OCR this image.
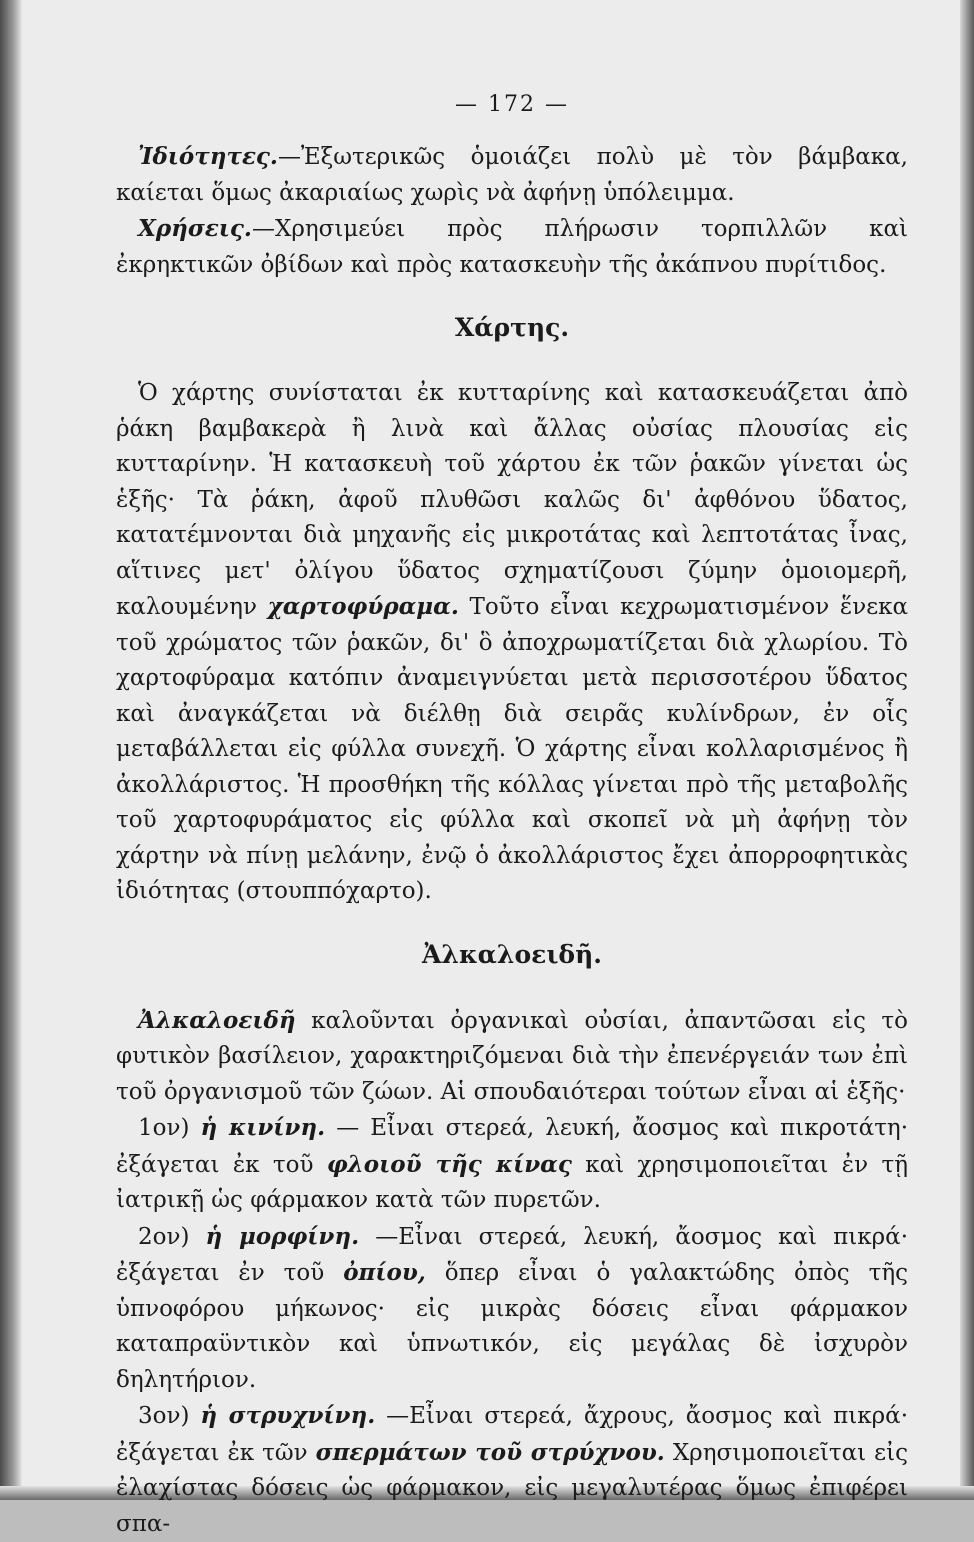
— 172 —

Ἰδιότητες.—Ἐξωτερικῶς ὁμοιάζει πολὺ μὲ τὸν βάμβακα, καίεται ὅμως ἀκαριαίως χωρὶς νὰ ἀφήνῃ ὑπόλειμμα.

Χρήσεις.—Χρησιμεύει πρὸς πλήρωσιν τορπιλλῶν καὶ ἐκρηκτικῶν ὀβίδων καὶ πρὸς κατασκευὴν τῆς ἀκάπνου πυρίτιδος.

Χάρτης.

Ὁ χάρτης συνίσταται ἐκ κυτταρίνης καὶ κατασκευάζεται ἀπὸ ῥάκη βαμβακερὰ ἢ λινὰ καὶ ἄλλας οὐσίας πλουσίας εἰς κυτταρίνην. Ἡ κατασκευὴ τοῦ χάρτου ἐκ τῶν ῥακῶν γίνεται ὡς ἑξῆς· Τὰ ῥάκη, ἀφοῦ πλυθῶσι καλῶς δι' ἀφθόνου ὕδατος, κατατέμνονται διὰ μηχανῆς εἰς μικροτάτας καὶ λεπτοτάτας ἶνας, αἵτινες μετ' ὀλίγου ὕδατος σχηματίζουσι ζύμην ὁμοιομερῆ, καλουμένην χαρτοφύραμα. Τοῦτο εἶναι κεχρωματισμένον ἕνεκα τοῦ χρώματος τῶν ῥακῶν, δι' ὃ ἀποχρωματίζεται διὰ χλωρίου. Τὸ χαρτοφύραμα κατόπιν ἀναμειγνύεται μετὰ περισσοτέρου ὕδατος καὶ ἀναγκάζεται νὰ διέλθῃ διὰ σειρᾶς κυλίνδρων, ἐν οἷς μεταβάλλεται εἰς φύλλα συνεχῆ. Ὁ χάρτης εἶναι κολλαρισμένος ἢ ἀκολλάριστος. Ἡ προσθήκη τῆς κόλλας γίνεται πρὸ τῆς μεταβολῆς τοῦ χαρτοφυράματος εἰς φύλλα καὶ σκοπεῖ νὰ μὴ ἀφήνῃ τὸν χάρτην νὰ πίνῃ μελάνην, ἐνῷ ὁ ἀκολλάριστος ἔχει ἀπορροφητικὰς ἰδιότητας (στουππόχαρτο).

Ἀλκαλοειδῆ.

Ἀλκαλοειδῆ καλοῦνται ὀργανικαὶ οὐσίαι, ἀπαντῶσαι εἰς τὸ φυτικὸν βασίλειον, χαρακτηριζόμεναι διὰ τὴν ἐπενέργειάν των ἐπὶ τοῦ ὀργανισμοῦ τῶν ζώων. Αἱ σπουδαιότεραι τούτων εἶναι αἱ ἑξῆς·

1ον) ἡ κινίνη. — Εἶναι στερεά, λευκή, ἄοσμος καὶ πικροτάτη· ἐξάγεται ἐκ τοῦ φλοιοῦ τῆς κίνας καὶ χρησιμοποιεῖται ἐν τῇ ἰατρικῇ ὡς φάρμακον κατὰ τῶν πυρετῶν.

2ον) ἡ μορφίνη. —Εἶναι στερεά, λευκή, ἄοσμος καὶ πικρά· ἐξάγεται ἐν τοῦ ὀπίου, ὅπερ εἶναι ὁ γαλακτώδης ὀπὸς τῆς ὑπνοφόρου μήκωνος· εἰς μικρὰς δόσεις εἶναι φάρμακον καταπραϋντικὸν καὶ ὑπνωτικόν, εἰς μεγάλας δὲ ἰσχυρὸν δηλητήριον.

3ον) ἡ στρυχνίνη. —Εἶναι στερεά, ἄχρους, ἄοσμος καὶ πικρά· ἐξάγεται ἐκ τῶν σπερμάτων τοῦ στρύχνου. Χρησιμοποιεῖται εἰς ἐλαχίστας δόσεις ὡς φάρμακον, εἰς μεγαλυτέρας ὅμως ἐπιφέρει σπα-
